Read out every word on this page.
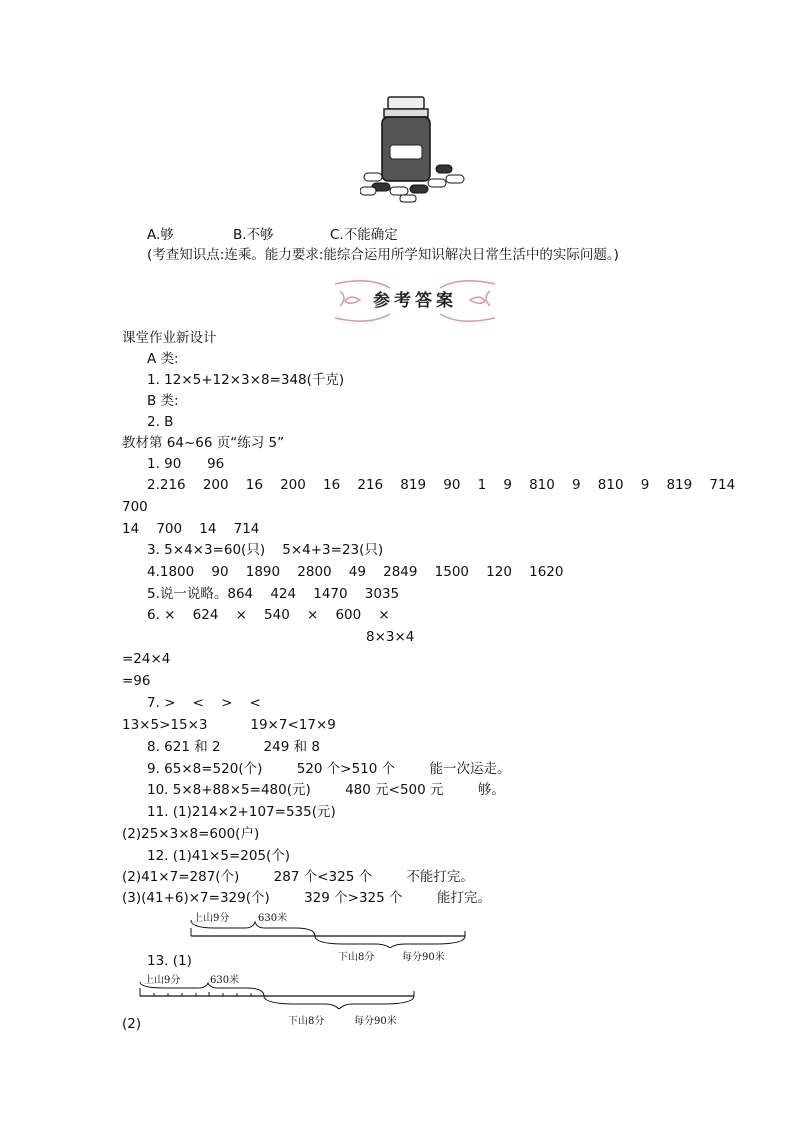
A.够	B.不够	C.不能确定
(考查知识点:连乘。能力要求:能综合运用所学知识解决日常生活中的实际问题。)
参考答案
课堂作业新设计
A 类:
1. 12×5+12×3×8=348(千克)
B 类:
2. B
教材第 64~66 页“练习 5”
1. 90      96
2.216    200    16    200    16    216    819    90    1    9    810    9    810    9    819    714
700
14    700    14    714
3. 5×4×3=60(只)    5×4+3=23(只)
4.1800    90    1890    2800    49    2849    1500    120    1620
5.说一说略。864    424    1470    3035
6. ×    624    ×    540    ×    600    ×
8×3×4
=24×4
=96
7. >    <    >    <
13×5>15×3          19×7<17×9
8. 621 和 2          249 和 8
9. 65×8=520(个)        520 个>510 个        能一次运走。
10. 5×8+88×5=480(元)        480 元<500 元        够。
11. (1)214×2+107=535(元)
(2)25×3×8=600(户)
12. (1)41×5=205(个)
(2)41×7=287(个)        287 个<325 个        不能打完。
(3)(41+6)×7=329(个)        329 个>325 个        能打完。
上山9分	630米
下山8分	每分90米
13. (1)
上山9分	630米
下山8分	每分90米
(2)
